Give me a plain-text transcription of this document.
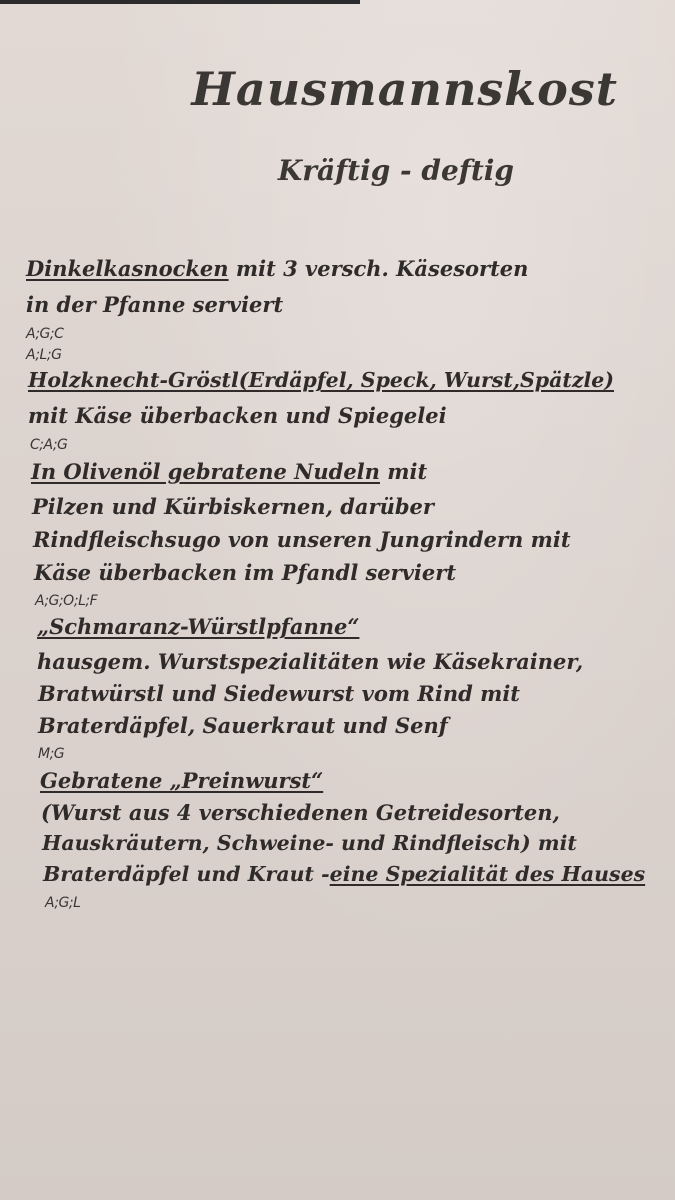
Hausmannskost
Kräftig - deftig
Dinkelkasnocken mit 3 versch. Käsesorten
in der Pfanne serviert
A;G;C
A;L;G
Holzknecht-Gröstl(Erdäpfel, Speck, Wurst,Spätzle)
mit Käse überbacken und Spiegelei
C;A;G
In Olivenöl gebratene Nudeln mit
Pilzen und Kürbiskernen, darüber
Rindfleischsugo von unseren Jungrindern mit
Käse überbacken im Pfandl serviert
A;G;O;L;F
„Schmaranz-Würstlpfanne“
hausgem. Wurstspezialitäten wie Käsekrainer,
Bratwürstl und Siedewurst vom Rind mit
Braterdäpfel, Sauerkraut und Senf
M;G
Gebratene „Preinwurst“
(Wurst aus 4 verschiedenen Getreidesorten,
Hauskräutern, Schweine- und Rindfleisch) mit
Braterdäpfel und Kraut -eine Spezialität des Hauses
A;G;L
